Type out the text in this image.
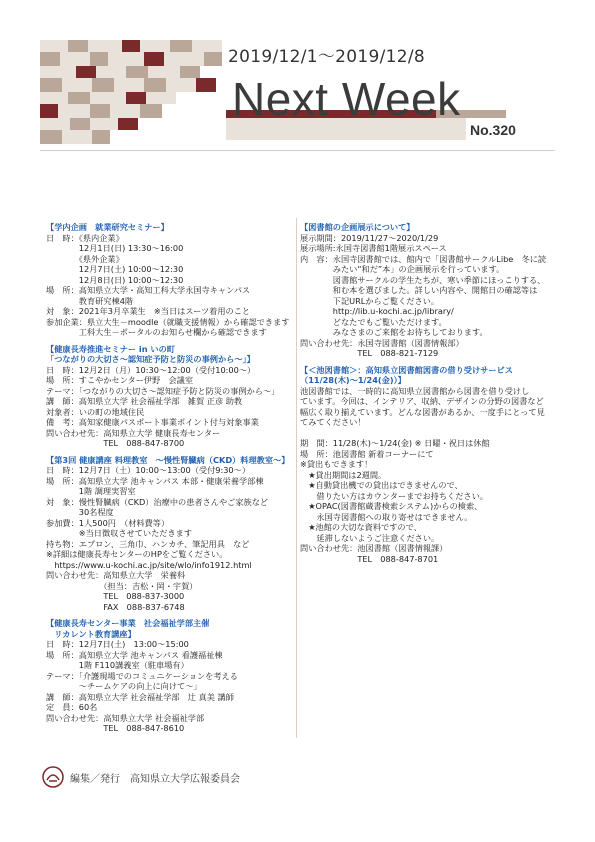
2019/12/1～2019/12/8
Next Week
No.320
【学内企画　就業研究セミナー】
日　時：《県内企業》
　　　　12月1日(日) 13:30～16:00
　　　　《県外企業》
　　　　12月7日(土) 10:00～12:30
　　　　12月8日(日) 10:00～12:30
場　所：高知県立大学・高知工科大学永国寺キャンパス
　　　　教育研究棟4階
対　象：2021年3月卒業生　※当日はスーツ着用のこと
参加企業：県立大生－moodle（就職支援情報）から確認できます
　　　　工科大生－ポータルのお知らせ欄から確認できます
【健康長寿推進セミナー in いの町
「つながりの大切さ～認知症予防と防災の事例から～」】
日　時：12月2日（月）10:30～12:00（受付10:00～）
場　所：すこやかセンター伊野　会議室
テーマ：「つながりの大切さ～認知症予防と防災の事例から～」
講　師：高知県立大学 社会福祉学部　雑賀 正彦 助教
対象者：いの町の地域住民
備　考：高知家健康パスポート事業ポイント付与対象事業
問い合わせ先：高知県立大学 健康長寿センター
　　　　　　　TEL　088-847-8700
【第3回 健康講座 料理教室　～慢性腎臓病（CKD）料理教室～】
日　時：12月7日（土）10:00～13:00（受付9:30～）
場　所：高知県立大学 池キャンパス 本部・健康栄養学部棟
　　　　1階 調理実習室
対　象：慢性腎臓病（CKD）治療中の患者さんやご家族など
　　　　30名程度
参加費：1人500円　（材料費等）
　　　　※当日徴収させていただきます
持ち物：エプロン、三角巾、ハンカチ、筆記用具　など
※詳細は健康長寿センターのHPをご覧ください。
　https://www.u-kochi.ac.jp/site/wlo/info1912.html
問い合わせ先：高知県立大学　栄養科
　　　　　　　（担当：吉松・岡・宇賀）
　　　　　　　TEL　088-837-3000
　　　　　　　FAX　088-837-6748
【健康長寿センター事業　社会福祉学部主催
　リカレント教育講座】
日　時：12月7日(土)　13:00～15:00
場　所：高知県立大学 池キャンパス 看護福祉棟
　　　　1階 F110講義室（駐車場有）
テーマ：「介護現場でのコミュニケーションを考える
　　　　～チームケアの向上に向けて～」
講　師：高知県立大学 社会福祉学部　辻 真美 講師
定　員：60名
問い合わせ先：高知県立大学 社会福祉学部
　　　　　　　TEL　088-847-8610
【図書館の企画展示について】
展示期間：2019/11/27～2020/1/29
展示場所:永国寺図書館1階展示スペース
内　容：永国寺図書館では、館内で「図書館サークルLibe　冬に読
　　　　みたい“和だ”本」の企画展示を行っています。
　　　　図書館サークルの学生たちが、寒い季節にほっこりする、
　　　　和む本を選びました。詳しい内容や、開館日の確認等は
　　　　下記URLからご覧ください。
　　　　http://lib.u-kochi.ac.jp/library/
　　　　どなたでもご覧いただけます。
　　　　みなさまのご来館をお待ちしております。
問い合わせ先：永国寺図書館（図書情報部）
　　　　　　　TEL　088-821-7129
【＜池図書館＞：高知県立図書館図書の借り受けサービス
（11/28(木)～1/24(金)）】
池図書館では、一時的に高知県立図書館から図書を借り受けし
ています。今回は、インテリア、収納、デザインの分野の図書など
幅広く取り揃えています。どんな図書があるか、一度手にとって見
てみてください！

期　間：11/28(木)～1/24(金) ※ 日曜・祝日は休館
場　所：池図書館 新着コーナーにて
※貸出もできます！
　★貸出期間は2週間。
　★自動貸出機での貸出はできませんので、
　　借りたい方はカウンターまでお持ちください。
　★OPAC(図書館蔵書検索システム)からの検索、
　　永国寺図書館への取り寄せはできません。
　★池館の大切な資料ですので、
　　延滞しないようご注意ください。
問い合わせ先：池図書館（図書情報課）
　　　　　　　TEL　088-847-8701
編集／発行　高知県立大学広報委員会
